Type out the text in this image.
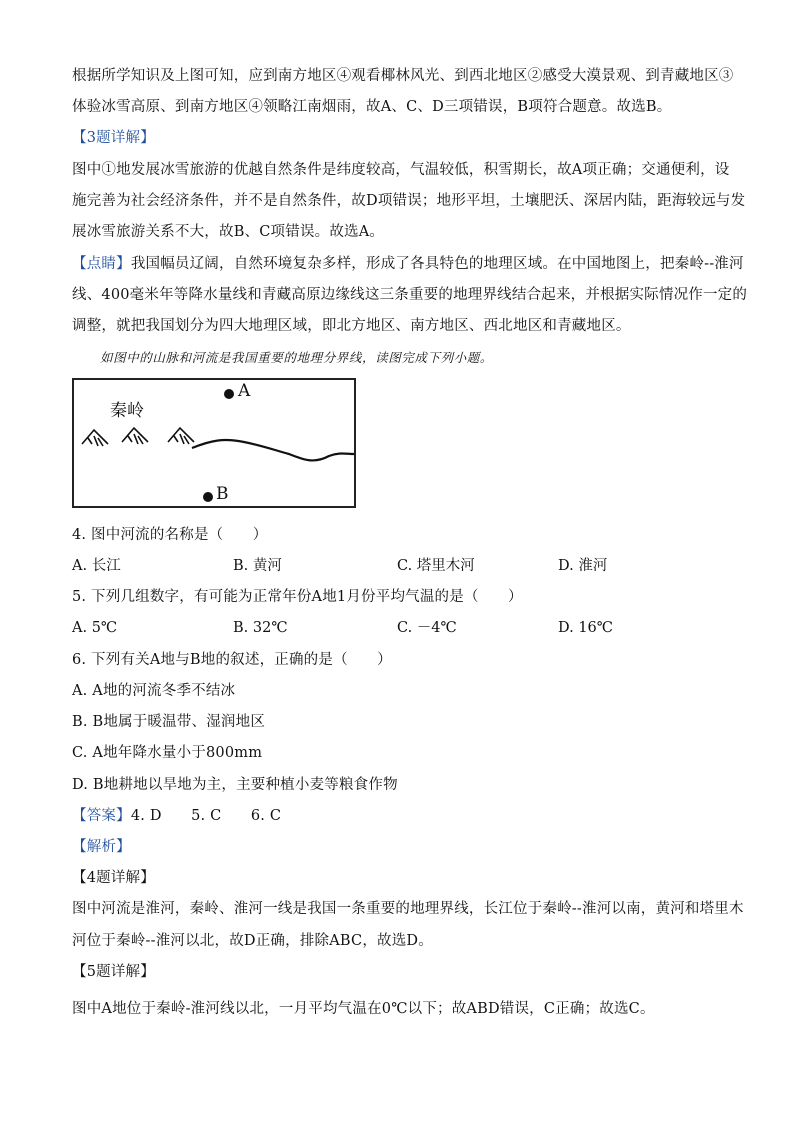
根据所学知识及上图可知，应到南方地区④观看椰林风光、到西北地区②感受大漠景观、到青藏地区③
体验冰雪高原、到南方地区④领略江南烟雨，故A、C、D三项错误，B项符合题意。故选B。
【3题详解】
图中①地发展冰雪旅游的优越自然条件是纬度较高，气温较低，积雪期长，故A项正确；交通便利，设
施完善为社会经济条件，并不是自然条件，故D项错误；地形平坦，土壤肥沃、深居内陆，距海较远与发
展冰雪旅游关系不大，故B、C项错误。故选A。
【点睛】我国幅员辽阔，自然环境复杂多样，形成了各具特色的地理区域。在中国地图上，把秦岭--淮河
线、400毫米年等降水量线和青藏高原边缘线这三条重要的地理界线结合起来，并根据实际情况作一定的
调整，就把我国划分为四大地理区域，即北方地区、南方地区、西北地区和青藏地区。
如图中的山脉和河流是我国重要的地理分界线，读图完成下列小题。
秦岭
A
B
4. 图中河流的名称是（　　）
A. 长江	B. 黄河	C. 塔里木河	D. 淮河
5. 下列几组数字，有可能为正常年份A地1月份平均气温的是（　　）
A. 5℃	B. 32℃	C. －4℃	D. 16℃
6. 下列有关A地与B地的叙述，正确的是（　　）
A. A地的河流冬季不结冰
B. B地属于暖温带、湿润地区
C. A地年降水量小于800mm
D. B地耕地以旱地为主，主要种植小麦等粮食作物
【答案】4. D　　5. C　　6. C
【解析】
【4题详解】
图中河流是淮河，秦岭、淮河一线是我国一条重要的地理界线，长江位于秦岭--淮河以南，黄河和塔里木
河位于秦岭--淮河以北，故D正确，排除ABC，故选D。
【5题详解】
图中A地位于秦岭-淮河线以北，一月平均气温在0℃以下；故ABD错误，C正确；故选C。
